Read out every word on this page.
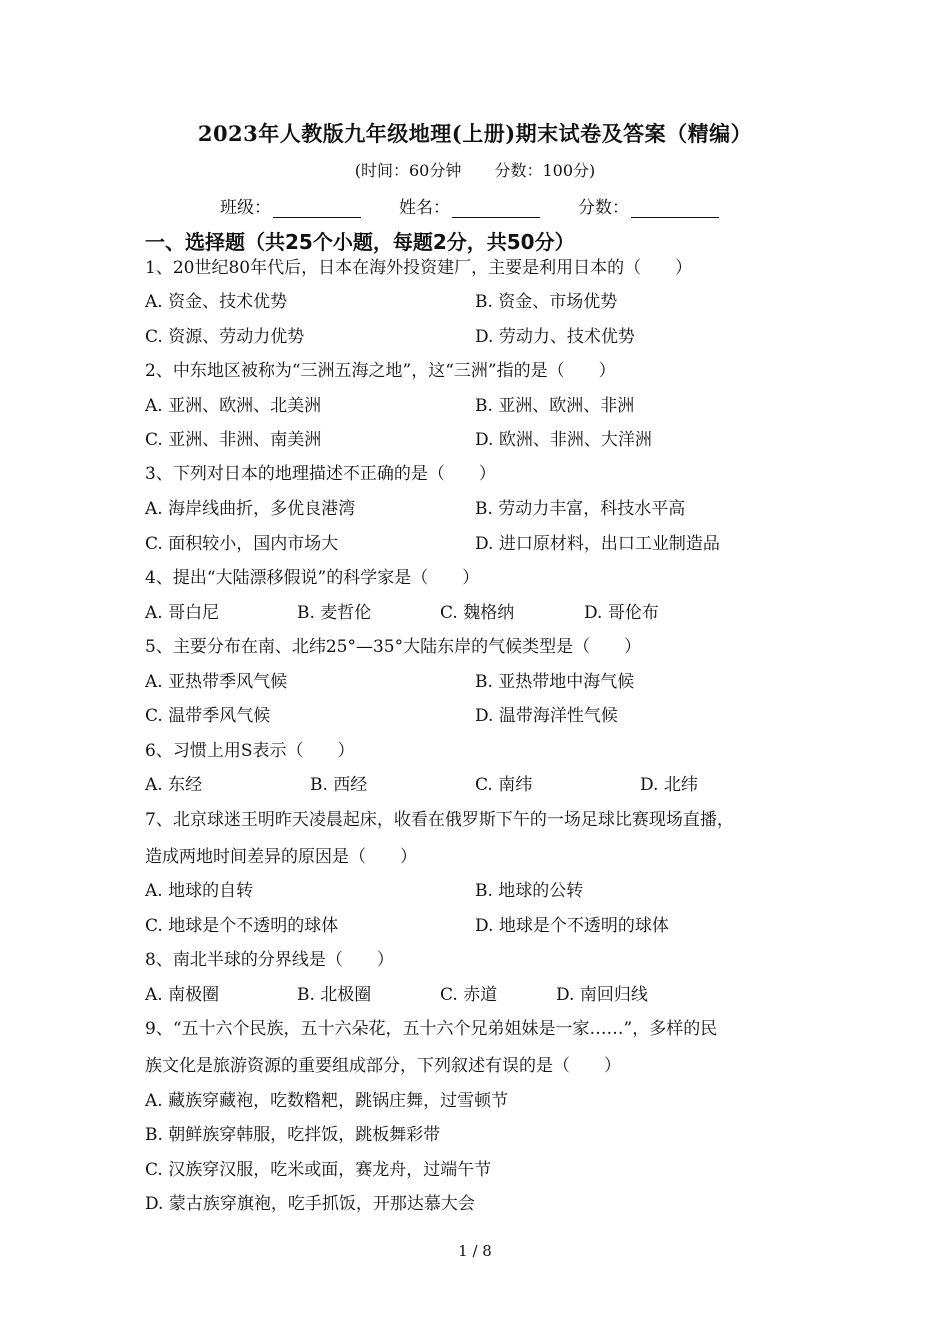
2023年人教版九年级地理(上册)期末试卷及答案（精编）
(时间：60分钟 分数：100分)
班级：	姓名：	分数：
一、选择题（共25个小题，每题2分，共50分）
1、20世纪80年代后，日本在海外投资建厂，主要是利用日本的（　　）
A. 资金、技术优势	B. 资金、市场优势
C. 资源、劳动力优势	D. 劳动力、技术优势
2、中东地区被称为“三洲五海之地”，这“三洲”指的是（　　）
A. 亚洲、欧洲、北美洲	B. 亚洲、欧洲、非洲
C. 亚洲、非洲、南美洲	D. 欧洲、非洲、大洋洲
3、下列对日本的地理描述不正确的是（　　）
A. 海岸线曲折，多优良港湾	B. 劳动力丰富，科技水平高
C. 面积较小，国内市场大	D. 进口原材料，出口工业制造品
4、提出“大陆漂移假说”的科学家是（　　）
A. 哥白尼	B. 麦哲伦	C. 魏格纳	D. 哥伦布
5、主要分布在南、北纬25°—35°大陆东岸的气候类型是（　　）
A. 亚热带季风气候	B. 亚热带地中海气候
C. 温带季风气候	D. 温带海洋性气候
6、习惯上用S表示（　　）
A. 东经	B. 西经	C. 南纬	D. 北纬
7、北京球迷王明昨天凌晨起床，收看在俄罗斯下午的一场足球比赛现场直播，
造成两地时间差异的原因是（　　）
A. 地球的自转	B. 地球的公转
C. 地球是个不透明的球体	D. 地球是个不透明的球体
8、南北半球的分界线是（　　）
A. 南极圈	B. 北极圈	C. 赤道	D. 南回归线
9、“五十六个民族，五十六朵花，五十六个兄弟姐妹是一家……”，多样的民
族文化是旅游资源的重要组成部分，下列叙述有误的是（　　）
A. 藏族穿藏袍，吃数糌粑，跳锅庄舞，过雪顿节
B. 朝鲜族穿韩服，吃拌饭，跳板舞彩带
C. 汉族穿汉服，吃米或面，赛龙舟，过端午节
D. 蒙古族穿旗袍，吃手抓饭，开那达慕大会
1 / 8
